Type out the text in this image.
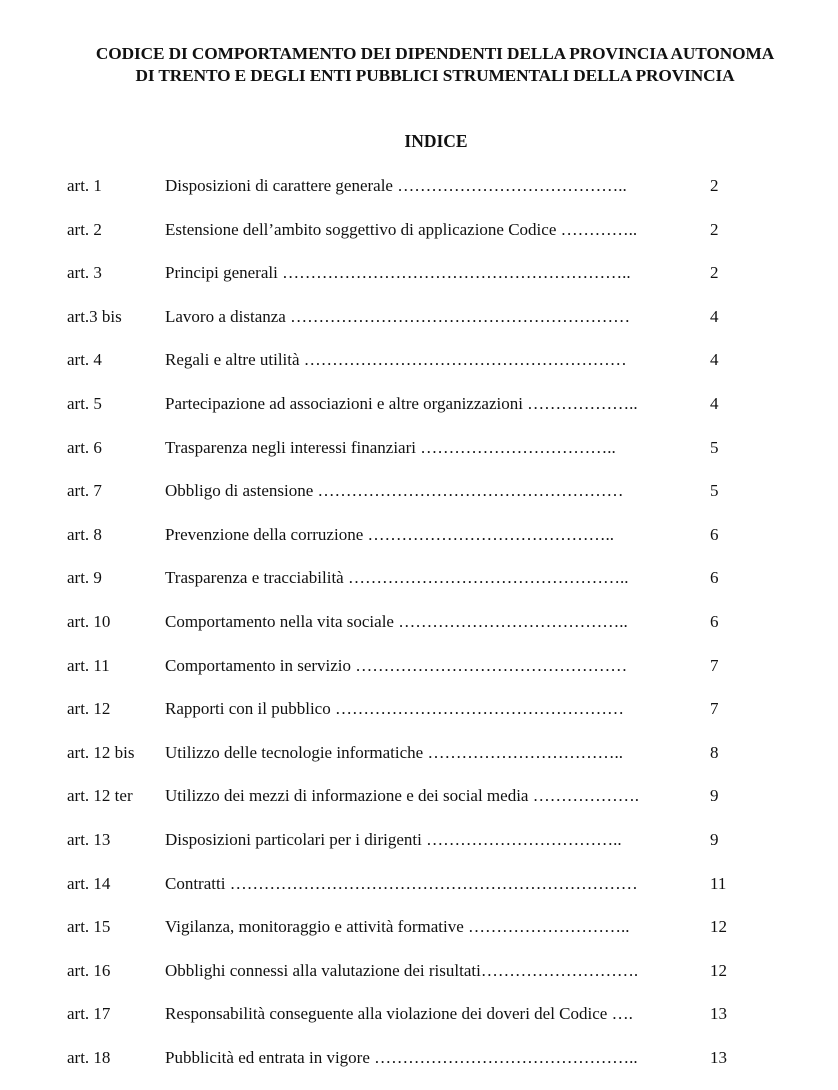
CODICE DI COMPORTAMENTO DEI DIPENDENTI DELLA PROVINCIA AUTONOMA
DI TRENTO E DEGLI ENTI PUBBLICI STRUMENTALI DELLA PROVINCIA
INDICE
art. 1	Disposizioni di carattere generale …………………………………..	2
art. 2	Estensione dell’ambito soggettivo di applicazione Codice …………..	2
art. 3	Principi generali ……………………………………………………..	2
art.3 bis	Lavoro a distanza ……………………………………………………	4
art. 4	Regali e altre utilità …………………………………………………	4
art. 5	Partecipazione ad associazioni e altre organizzazioni ………………..	4
art. 6	Trasparenza negli interessi finanziari ……………………………..	5
art. 7	Obbligo di astensione ………………………………………………	5
art. 8	Prevenzione della corruzione ……………………………………..	6
art. 9	Trasparenza e tracciabilità …………………………………………..	6
art. 10	Comportamento nella vita sociale …………………………………..	6
art. 11	Comportamento in servizio …………………………………………	7
art. 12	Rapporti con il pubblico ……………………………………………	7
art. 12 bis Utilizzo delle tecnologie informatiche ……………………………..	8
art. 12 ter Utilizzo dei mezzi di informazione e dei social media ……………….	9
art. 13	Disposizioni particolari per i dirigenti ……………………………..	9
art. 14	Contratti ………………………………………………………………	11
art. 15	Vigilanza, monitoraggio e attività formative ………………………..	12
art. 16	Obblighi connessi alla valutazione dei risultati……………………….	12
art. 17	Responsabilità conseguente alla violazione dei doveri del Codice ….	13
art. 18	Pubblicità ed entrata in vigore ………………………………………..	13
